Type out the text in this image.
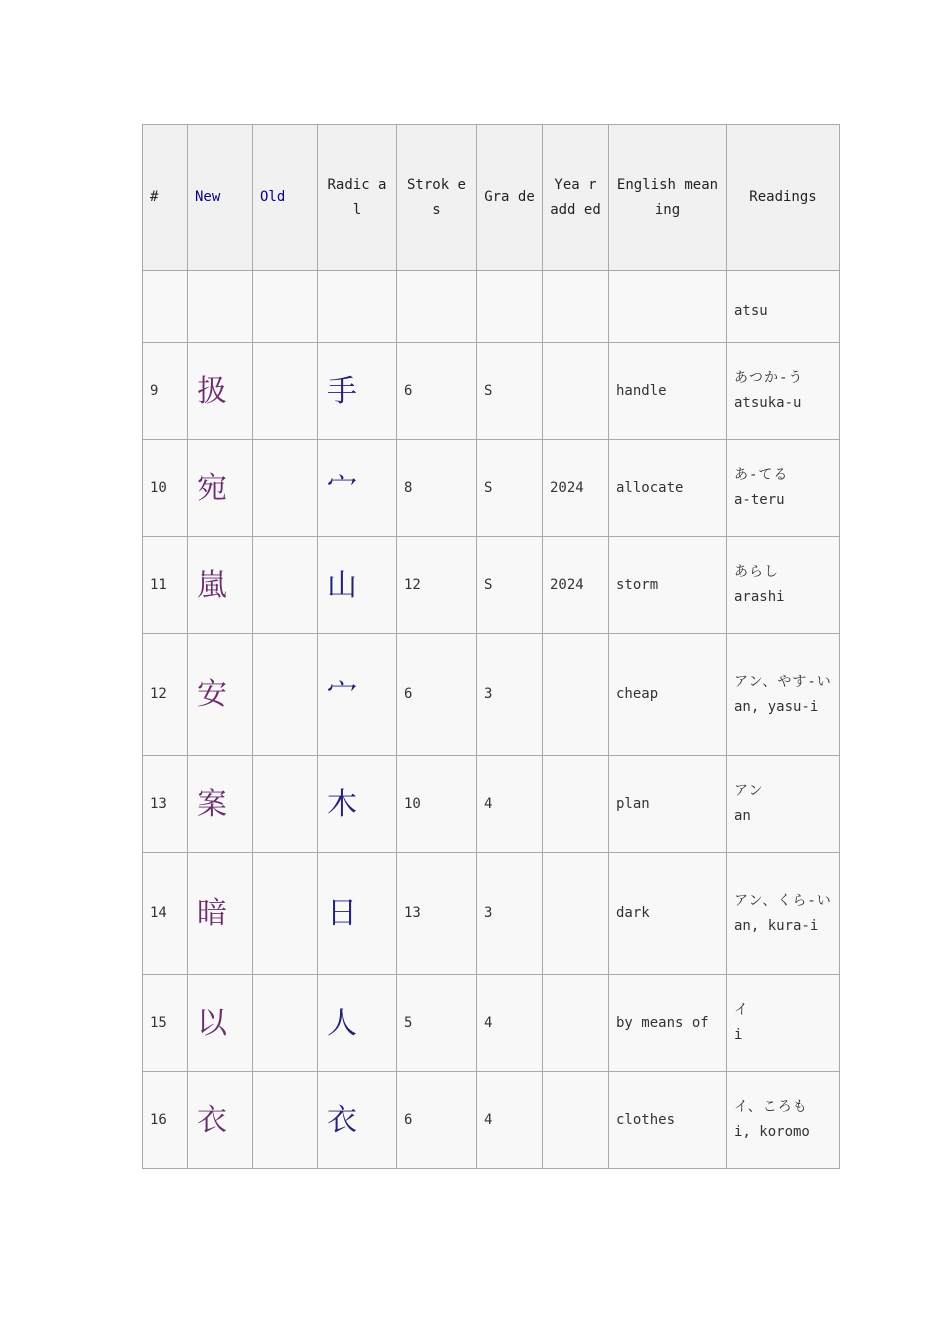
#	New	Old	Radic al	Strok es	Gra de	Yea r add ed	English meaning	Readings

								atsu

9	扱		手	6	S		handle	あつか-う
atsuka-u

10	宛		宀	8	S	2024	allocate	あ-てる
a-teru

11	嵐		山	12	S	2024	storm	あらし
arashi

12	安		宀	6	3		cheap	アン、やす-い
an, yasu-i

13	案		木	10	4		plan	アン
an

14	暗		日	13	3		dark	アン、くら-い
an, kura-i

15	以		人	5	4		by means of	イ
i

16	衣		衣	6	4		clothes	イ、ころも
i, koromo
